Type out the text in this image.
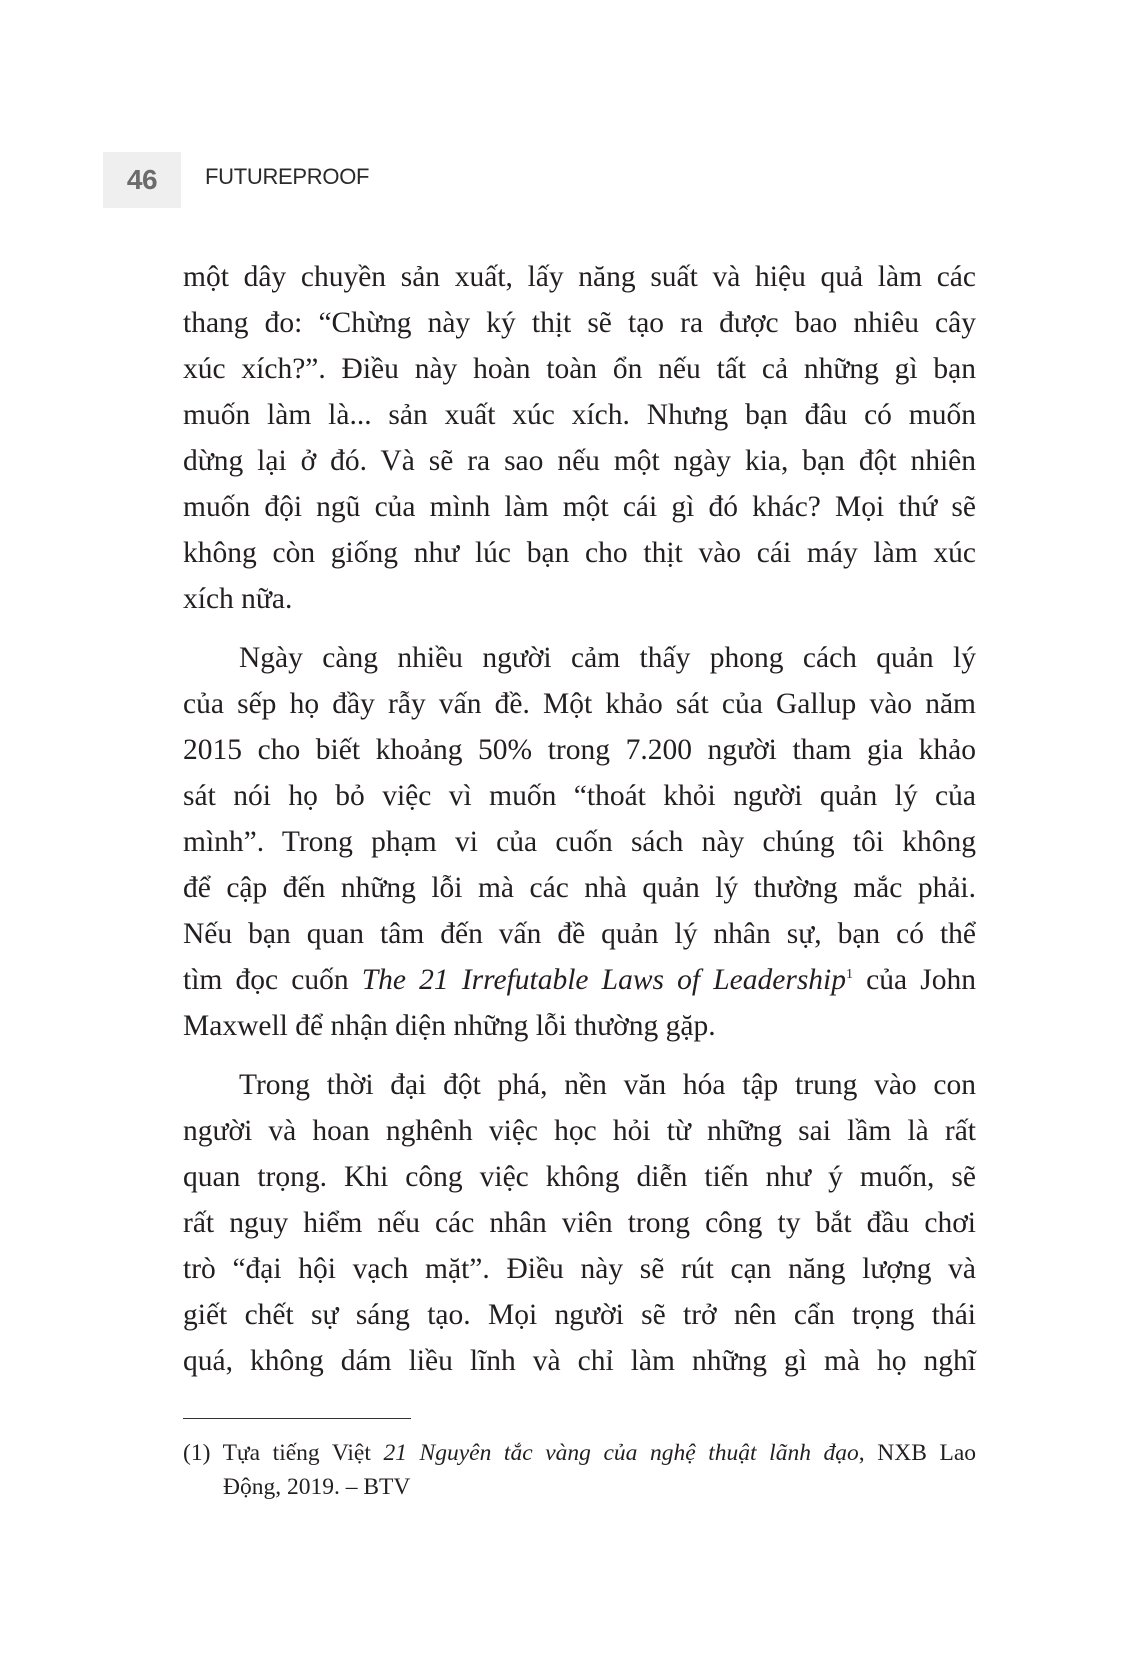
46 FUTUREPROOF
một dây chuyền sản xuất, lấy năng suất và hiệu quả làm các
thang đo: “Chừng này ký thịt sẽ tạo ra được bao nhiêu cây
xúc xích?”. Điều này hoàn toàn ổn nếu tất cả những gì bạn
muốn làm là... sản xuất xúc xích. Nhưng bạn đâu có muốn
dừng lại ở đó. Và sẽ ra sao nếu một ngày kia, bạn đột nhiên
muốn đội ngũ của mình làm một cái gì đó khác? Mọi thứ sẽ
không còn giống như lúc bạn cho thịt vào cái máy làm xúc
xích nữa.
Ngày càng nhiều người cảm thấy phong cách quản lý
của sếp họ đầy rẫy vấn đề. Một khảo sát của Gallup vào năm
2015 cho biết khoảng 50% trong 7.200 người tham gia khảo
sát nói họ bỏ việc vì muốn “thoát khỏi người quản lý của
mình”. Trong phạm vi của cuốn sách này chúng tôi không
để cập đến những lỗi mà các nhà quản lý thường mắc phải.
Nếu bạn quan tâm đến vấn đề quản lý nhân sự, bạn có thể
tìm đọc cuốn The 21 Irrefutable Laws of Leadership$^1$ của John
Maxwell để nhận diện những lỗi thường gặp.
Trong thời đại đột phá, nền văn hóa tập trung vào con
người và hoan nghênh việc học hỏi từ những sai lầm là rất
quan trọng. Khi công việc không diễn tiến như ý muốn, sẽ
rất nguy hiểm nếu các nhân viên trong công ty bắt đầu chơi
trò “đại hội vạch mặt”. Điều này sẽ rút cạn năng lượng và
giết chết sự sáng tạo. Mọi người sẽ trở nên cẩn trọng thái
quá, không dám liều lĩnh và chỉ làm những gì mà họ nghĩ
(1) Tựa tiếng Việt 21 Nguyên tắc vàng của nghệ thuật lãnh đạo, NXB Lao
Động, 2019. – BTV
